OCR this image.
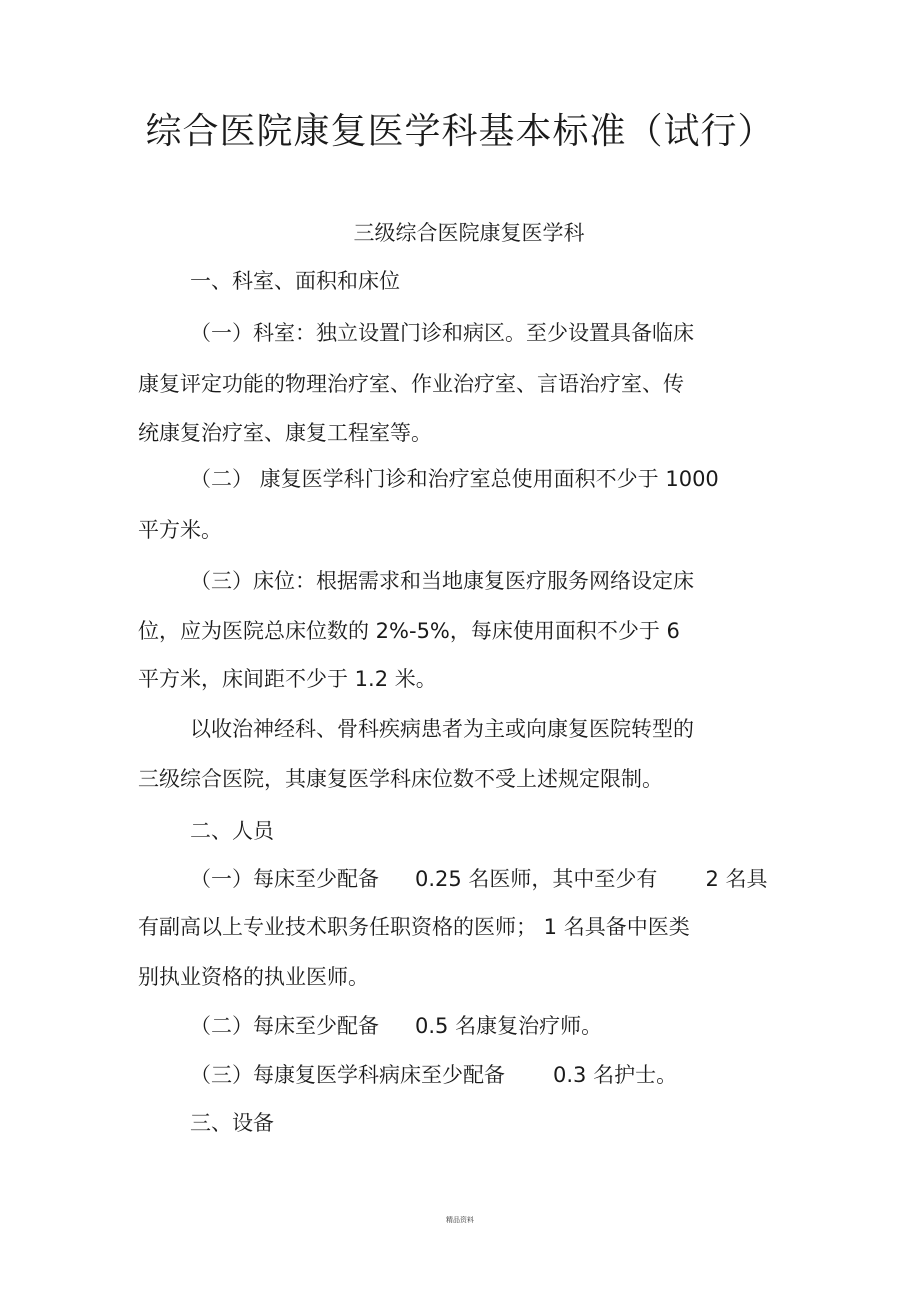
综合医院康复医学科基本标准（试行）
三级综合医院康复医学科

一、科室、面积和床位

（一）科室：独立设置门诊和病区。至少设置具备临床

康复评定功能的物理治疗室、作业治疗室、言语治疗室、传

统康复治疗室、康复工程室等。

（二） 康复医学科门诊和治疗室总使用面积不少于 1000

平方米。

（三）床位：根据需求和当地康复医疗服务网络设定床

位，应为医院总床位数的 2%-5%，每床使用面积不少于 6

平方米，床间距不少于 1.2 米。

以收治神经科、骨科疾病患者为主或向康复医院转型的

三级综合医院，其康复医学科床位数不受上述规定限制。

二、人员

（一）每床至少配备 0.25 名医师，其中至少有 2 名具

有副高以上专业技术职务任职资格的医师； 1 名具备中医类

别执业资格的执业医师。

（二）每床至少配备 0.5 名康复治疗师。

（三）每康复医学科病床至少配备 0.3 名护士。

三、设备

精品资料
